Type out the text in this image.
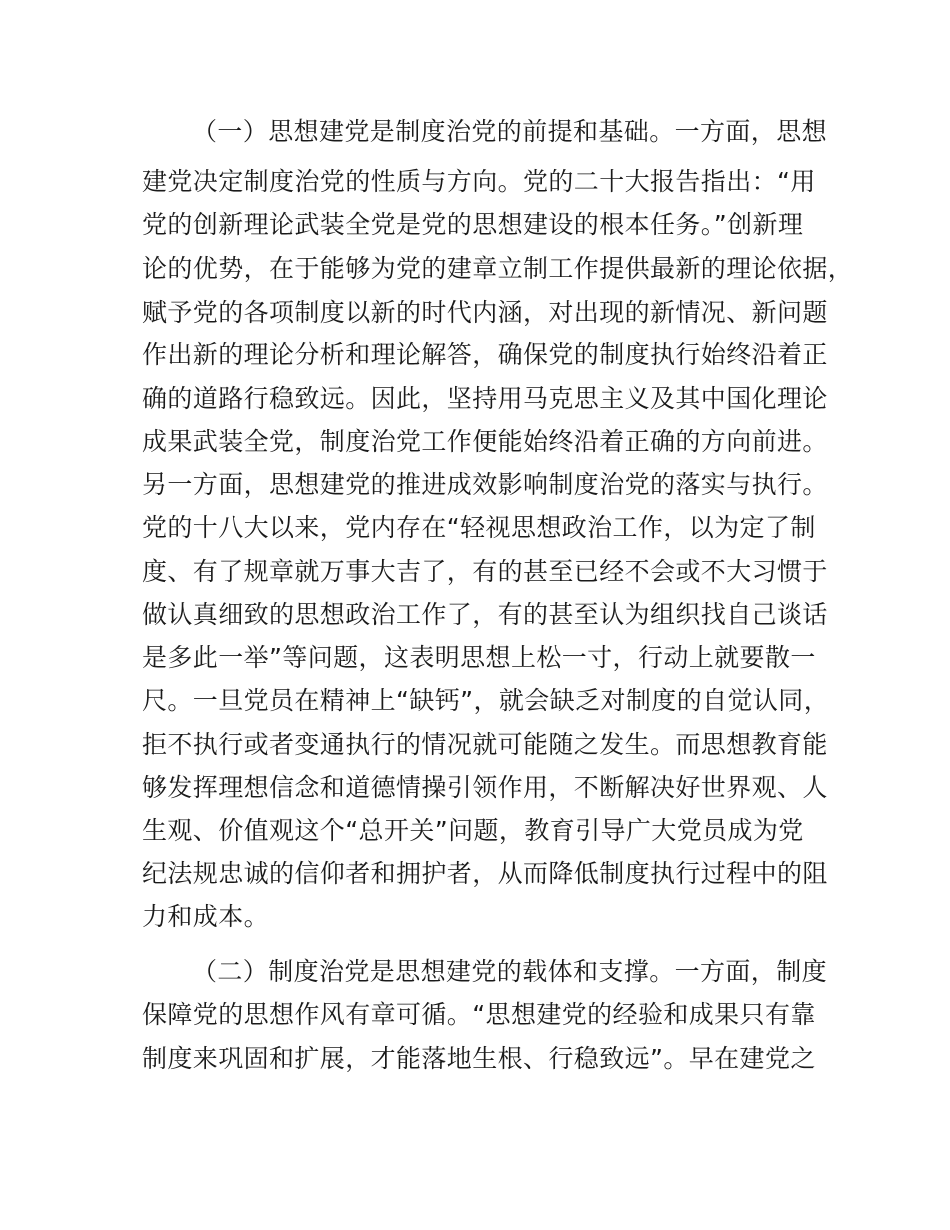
（一）思想建党是制度治党的前提和基础。一方面，思想

建党决定制度治党的性质与方向。党的二十大报告指出：“用

党的创新理论武装全党是党的思想建设的根本任务。”创新理

论的优势，在于能够为党的建章立制工作提供最新的理论依据，

赋予党的各项制度以新的时代内涵，对出现的新情况、新问题

作出新的理论分析和理论解答，确保党的制度执行始终沿着正

确的道路行稳致远。因此，坚持用马克思主义及其中国化理论

成果武装全党，制度治党工作便能始终沿着正确的方向前进。

另一方面，思想建党的推进成效影响制度治党的落实与执行。

党的十八大以来，党内存在“轻视思想政治工作，以为定了制

度、有了规章就万事大吉了，有的甚至已经不会或不大习惯于

做认真细致的思想政治工作了，有的甚至认为组织找自己谈话

是多此一举”等问题，这表明思想上松一寸，行动上就要散一

尺。一旦党员在精神上“缺钙”，就会缺乏对制度的自觉认同，

拒不执行或者变通执行的情况就可能随之发生。而思想教育能

够发挥理想信念和道德情操引领作用，不断解决好世界观、人

生观、价值观这个“总开关”问题，教育引导广大党员成为党

纪法规忠诚的信仰者和拥护者，从而降低制度执行过程中的阻

力和成本。

（二）制度治党是思想建党的载体和支撑。一方面，制度

保障党的思想作风有章可循。“思想建党的经验和成果只有靠

制度来巩固和扩展，才能落地生根、行稳致远”。早在建党之
